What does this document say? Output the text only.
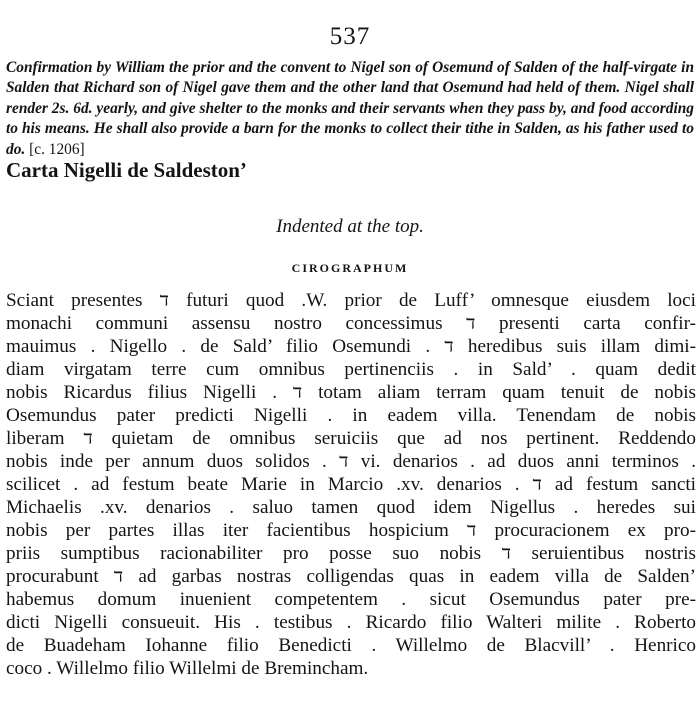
537

Confirmation by William the prior and the convent to Nigel son of Osemund of Salden of the half-virgate in Salden that Richard son of Nigel gave them and the other land that Osemund had held of them. Nigel shall render 2s. 6d. yearly, and give shelter to the monks and their servants when they pass by, and food according to his means. He shall also provide a barn for the monks to collect their tithe in Salden, as his father used to do. [c. 1206]

Carta Nigelli de Saldeston’

Indented at the top.

CIROGRAPHUM
Sciant presentes ד futuri quod .W. prior de Luff’ omnesque eiusdem loci
monachi communi assensu nostro concessimus ד presenti carta confir-
mauimus . Nigello . de Sald’ filio Osemundi . ד heredibus suis illam dimi-
diam virgatam terre cum omnibus pertinenciis . in Sald’ . quam dedit
nobis Ricardus filius Nigelli . ד totam aliam terram quam tenuit de nobis
Osemundus pater predicti Nigelli . in eadem villa. Tenendam de nobis
liberam ד quietam de omnibus seruiciis que ad nos pertinent. Reddendo
nobis inde per annum duos solidos . ד vi. denarios . ad duos anni terminos .
scilicet . ad festum beate Marie in Marcio .xv. denarios . ד ad festum sancti
Michaelis .xv. denarios . saluo tamen quod idem Nigellus . heredes sui
nobis per partes illas iter facientibus hospicium ד procuracionem ex pro-
priis sumptibus racionabiliter pro posse suo nobis ד seruientibus nostris
procurabunt ד ad garbas nostras colligendas quas in eadem villa de Salden’
habemus domum inuenient competentem . sicut Osemundus pater pre-
dicti Nigelli consueuit. His . testibus . Ricardo filio Walteri milite . Roberto
de Buadeham Iohanne filio Benedicti . Willelmo de Blacvill’ . Henrico
coco . Willelmo filio Willelmi de Bremincham.
